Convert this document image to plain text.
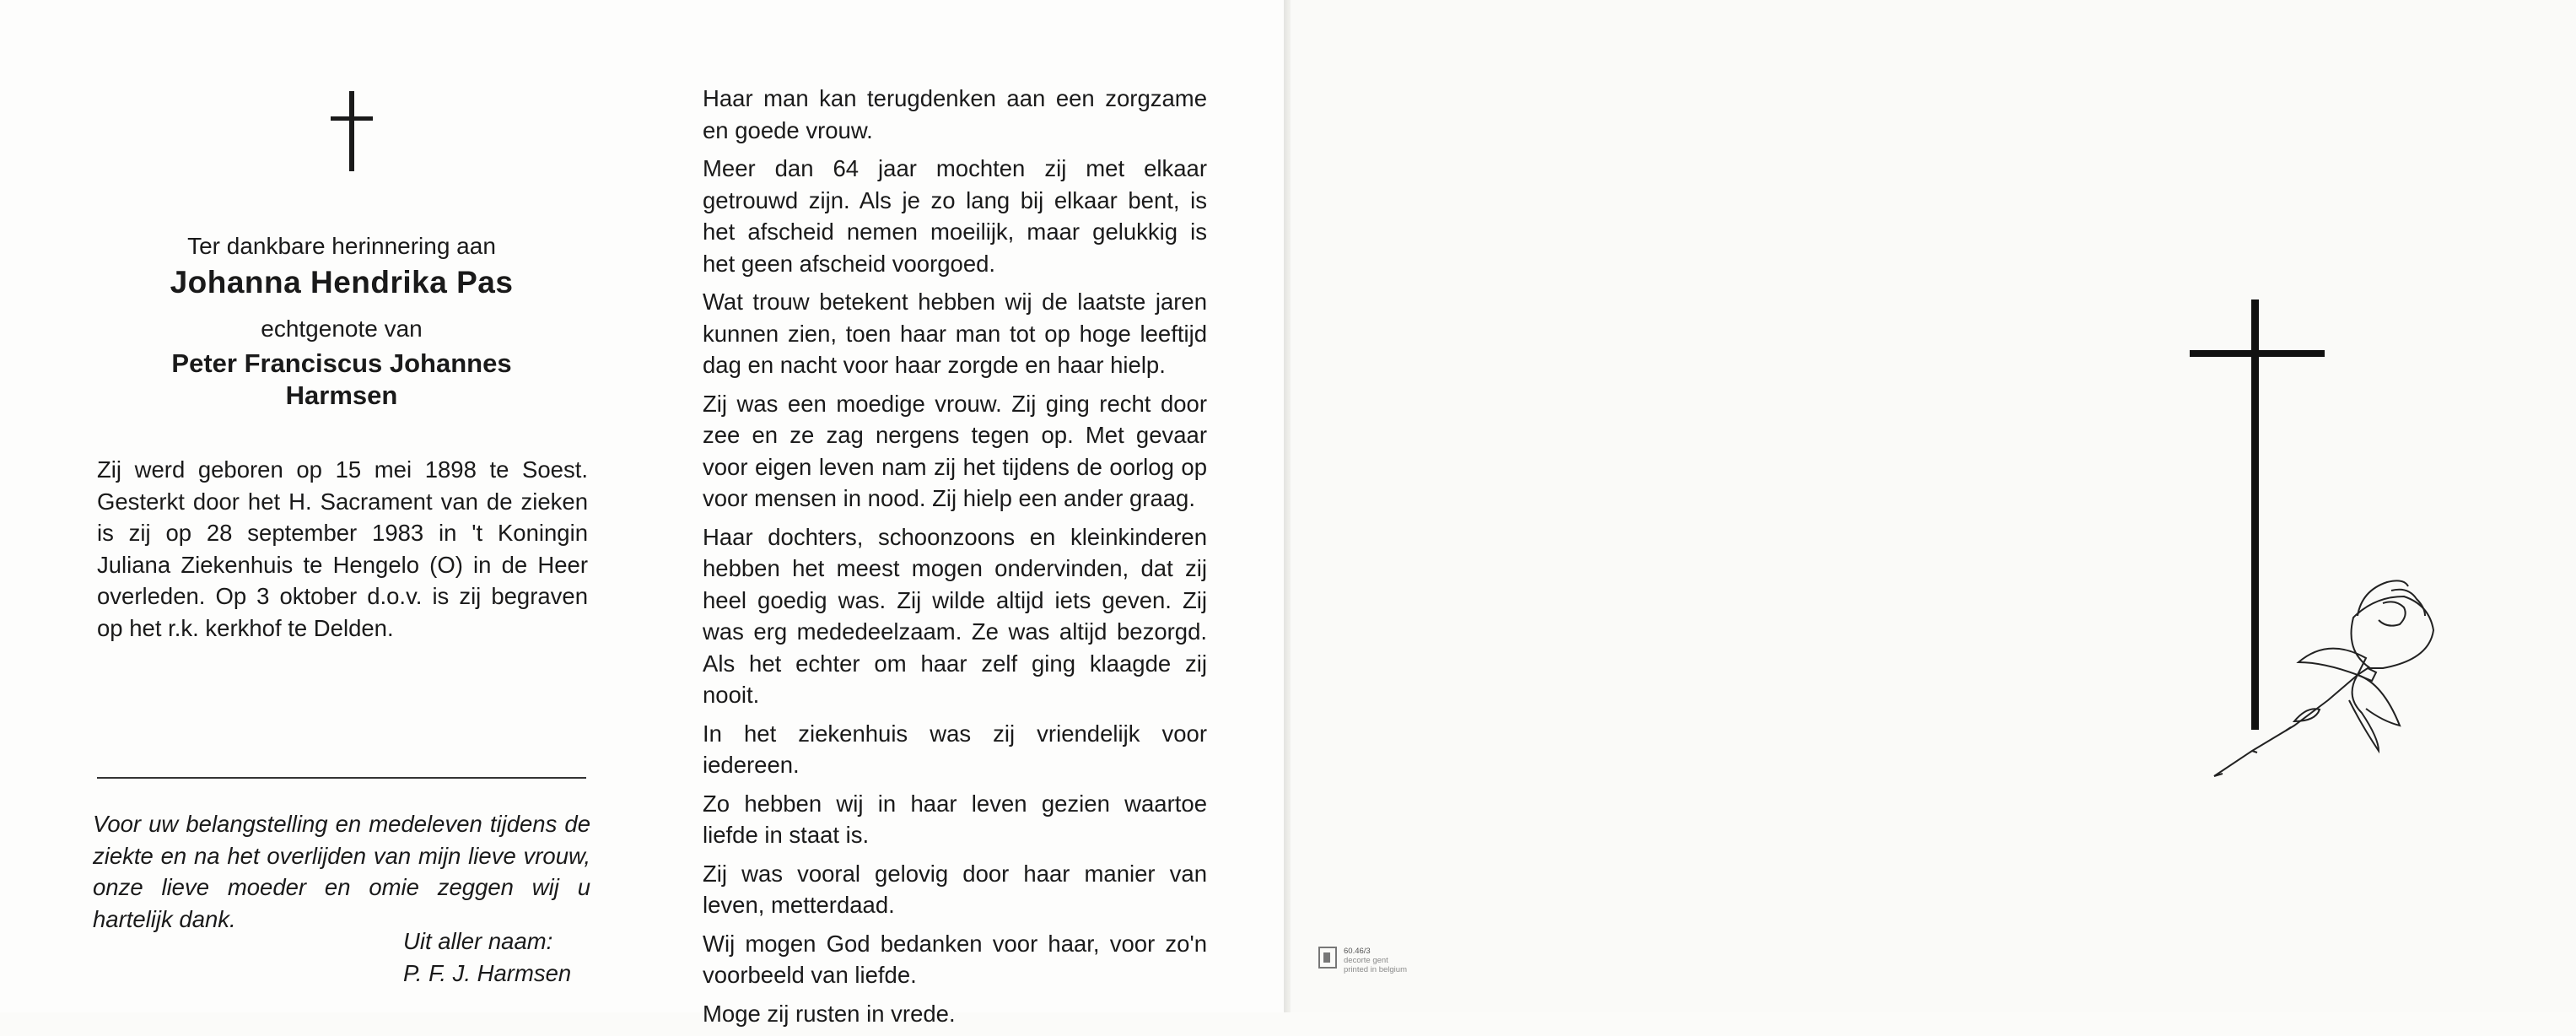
Ter dankbare herinnering aan
Johanna Hendrika Pas
echtgenote van
Peter Franciscus Johannes
Harmsen
Zij werd geboren op 15 mei 1898 te Soest. Gesterkt door het H. Sacrament van de zieken is zij op 28 september 1983 in 't Koningin Juliana Ziekenhuis te Hengelo (O) in de Heer overleden. Op 3 oktober d.o.v. is zij begraven op het r.k. kerkhof te Delden.
Voor uw belangstelling en medeleven tijdens de ziekte en na het overlijden van mijn lieve vrouw, onze lieve moeder en omie zeggen wij u hartelijk dank.
Uit aller naam:
P. F. J. Harmsen

Haar man kan terugdenken aan een zorgzame en goede vrouw.

Meer dan 64 jaar mochten zij met elkaar getrouwd zijn. Als je zo lang bij elkaar bent, is het afscheid nemen moeilijk, maar gelukkig is het geen afscheid voorgoed.

Wat trouw betekent hebben wij de laatste jaren kunnen zien, toen haar man tot op hoge leeftijd dag en nacht voor haar zorgde en haar hielp.

Zij was een moedige vrouw. Zij ging recht door zee en ze zag nergens tegen op. Met gevaar voor eigen leven nam zij het tijdens de oorlog op voor mensen in nood. Zij hielp een ander graag.

Haar dochters, schoonzoons en kleinkinderen hebben het meest mogen ondervinden, dat zij heel goedig was. Zij wilde altijd iets geven. Zij was erg mededeelzaam. Ze was altijd bezorgd. Als het echter om haar zelf ging klaagde zij nooit.

In het ziekenhuis was zij vriendelijk voor iedereen.

Zo hebben wij in haar leven gezien waartoe liefde in staat is.

Zij was vooral gelovig door haar manier van leven, metterdaad.

Wij mogen God bedanken voor haar, voor zo'n voorbeeld van liefde.

Moge zij rusten in vrede.

60.46/3
decorte gent
printed in belgium
